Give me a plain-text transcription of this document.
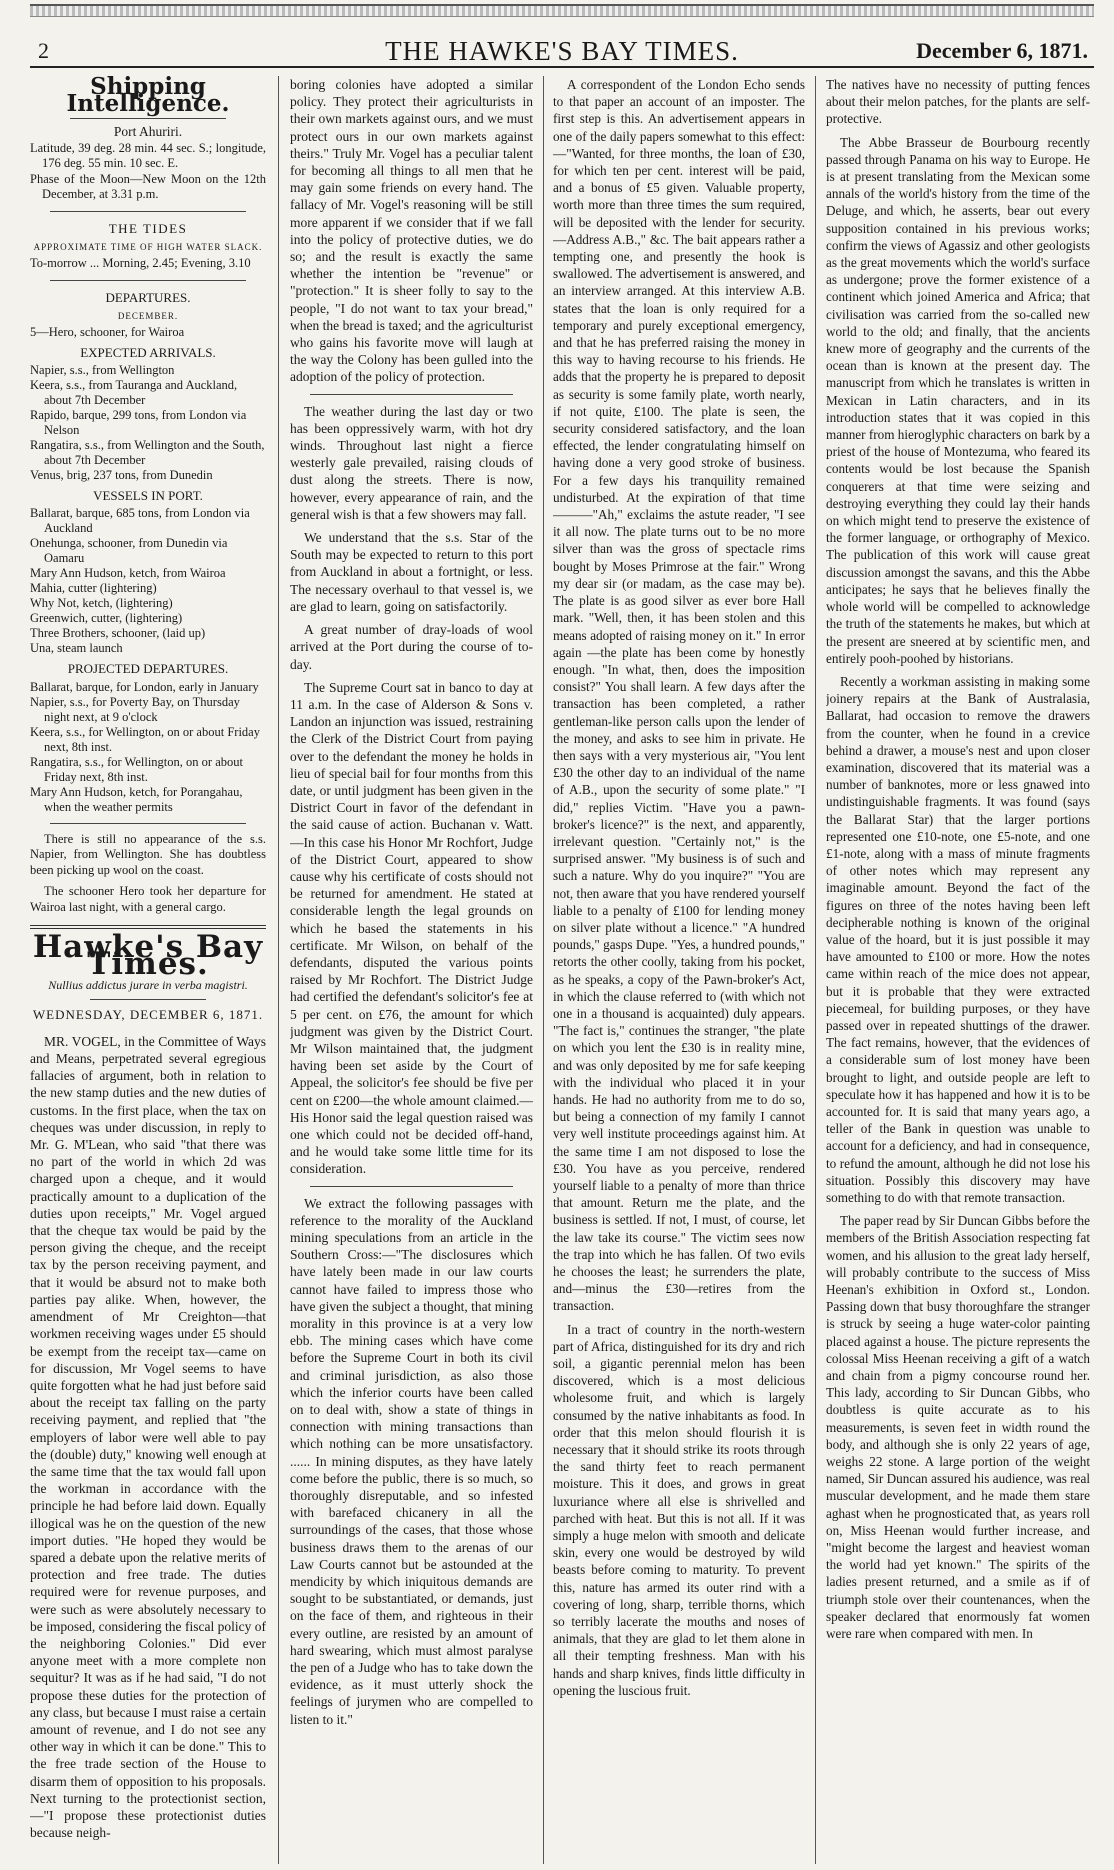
2	THE HAWKE'S BAY TIMES.	December 6, 1871.
Shipping Intelligence.
Port Ahuriri.
Latitude, 39 deg. 28 min. 44 sec. S.; longitude, 176 deg. 55 min. 10 sec. E.
Phase of the Moon—New Moon on the 12th December, at 3.31 p.m.
THE TIDES
APPROXIMATE TIME OF HIGH WATER SLACK.
To-morrow ... Morning, 2.45; Evening, 3.10
DEPARTURES.
DECEMBER.
5—Hero, schooner, for Wairoa
EXPECTED ARRIVALS.
Napier, s.s., from Wellington
Keera, s.s., from Tauranga and Auckland, about 7th December
Rapido, barque, 299 tons, from London via Nelson
Rangatira, s.s., from Wellington and the South, about 7th December
Venus, brig, 237 tons, from Dunedin
VESSELS IN PORT.
Ballarat, barque, 685 tons, from London via Auckland
Onehunga, schooner, from Dunedin via Oamaru
Mary Ann Hudson, ketch, from Wairoa
Mahia, cutter (lightering)
Why Not, ketch, (lightering)
Greenwich, cutter, (lightering)
Three Brothers, schooner, (laid up)
Una, steam launch
PROJECTED DEPARTURES.
Ballarat, barque, for London, early in January
Napier, s.s., for Poverty Bay, on Thursday night next, at 9 o'clock
Keera, s.s., for Wellington, on or about Friday next, 8th inst.
Rangatira, s.s., for Wellington, on or about Friday next, 8th inst.
Mary Ann Hudson, ketch, for Porangahau, when the weather permits

There is still no appearance of the s.s. Napier, from Wellington. She has doubtless been picking up wool on the coast.

The schooner Hero took her departure for Wairoa last night, with a general cargo.

Hawke's Bay Times.
Nullius addictus jurare in verba magistri.
WEDNESDAY, DECEMBER 6, 1871.

MR. VOGEL, in the Committee of Ways and Means, perpetrated several egregious fallacies of argument, both in relation to the new stamp duties and the new duties of customs. In the first place, when the tax on cheques was under discussion, in reply to Mr. G. M'Lean, who said "that there was no part of the world in which 2d was charged upon a cheque, and it would practically amount to a duplication of the duties upon receipts," Mr. Vogel argued that the cheque tax would be paid by the person giving the cheque, and the receipt tax by the person receiving payment, and that it would be absurd not to make both parties pay alike. When, however, the amendment of Mr Creighton—that workmen receiving wages under £5 should be exempt from the receipt tax—came on for discussion, Mr Vogel seems to have quite forgotten what he had just before said about the receipt tax falling on the party receiving payment, and replied that "the employers of labor were well able to pay the (double) duty," knowing well enough at the same time that the tax would fall upon the workman in accordance with the principle he had before laid down. Equally illogical was he on the question of the new import duties. "He hoped they would be spared a debate upon the relative merits of protection and free trade. The duties required were for revenue purposes, and were such as were absolutely necessary to be imposed, considering the fiscal policy of the neighboring Colonies." Did ever anyone meet with a more complete non sequitur? It was as if he had said, "I do not propose these duties for the protection of any class, but because I must raise a certain amount of revenue, and I do not see any other way in which it can be done." This to the free trade section of the House to disarm them of opposition to his proposals. Next turning to the protectionist section,—"I propose these protectionist duties because neigh-

boring colonies have adopted a similar policy. They protect their agriculturists in their own markets against ours, and we must protect ours in our own markets against theirs." Truly Mr. Vogel has a peculiar talent for becoming all things to all men that he may gain some friends on every hand. The fallacy of Mr. Vogel's reasoning will be still more apparent if we consider that if we fall into the policy of protective duties, we do so; and the result is exactly the same whether the intention be "revenue" or "protection." It is sheer folly to say to the people, "I do not want to tax your bread," when the bread is taxed; and the agriculturist who gains his favorite move will laugh at the way the Colony has been gulled into the adoption of the policy of protection.

The weather during the last day or two has been oppressively warm, with hot dry winds. Throughout last night a fierce westerly gale prevailed, raising clouds of dust along the streets. There is now, however, every appearance of rain, and the general wish is that a few showers may fall.

We understand that the s.s. Star of the South may be expected to return to this port from Auckland in about a fortnight, or less. The necessary overhaul to that vessel is, we are glad to learn, going on satisfactorily.

A great number of dray-loads of wool arrived at the Port during the course of to-day.

The Supreme Court sat in banco to day at 11 a.m. In the case of Alderson & Sons v. Landon an injunction was issued, restraining the Clerk of the District Court from paying over to the defendant the money he holds in lieu of special bail for four months from this date, or until judgment has been given in the District Court in favor of the defendant in the said cause of action. Buchanan v. Watt.—In this case his Honor Mr Rochfort, Judge of the District Court, appeared to show cause why his certificate of costs should not be returned for amendment. He stated at considerable length the legal grounds on which he based the statements in his certificate. Mr Wilson, on behalf of the defendants, disputed the various points raised by Mr Rochfort. The District Judge had certified the defendant's solicitor's fee at 5 per cent. on £76, the amount for which judgment was given by the District Court. Mr Wilson maintained that, the judgment having been set aside by the Court of Appeal, the solicitor's fee should be five per cent on £200—the whole amount claimed.—His Honor said the legal question raised was one which could not be decided off-hand, and he would take some little time for its consideration.

We extract the following passages with reference to the morality of the Auckland mining speculations from an article in the Southern Cross:—"The disclosures which have lately been made in our law courts cannot have failed to impress those who have given the subject a thought, that mining morality in this province is at a very low ebb. The mining cases which have come before the Supreme Court in both its civil and criminal jurisdiction, as also those which the inferior courts have been called on to deal with, show a state of things in connection with mining transactions than which nothing can be more unsatisfactory. ...... In mining disputes, as they have lately come before the public, there is so much, so thoroughly disreputable, and so infested with barefaced chicanery in all the surroundings of the cases, that those whose business draws them to the arenas of our Law Courts cannot but be astounded at the mendicity by which iniquitous demands are sought to be substantiated, or demands, just on the face of them, and righteous in their every outline, are resisted by an amount of hard swearing, which must almost paralyse the pen of a Judge who has to take down the evidence, as it must utterly shock the feelings of jurymen who are compelled to listen to it."

A correspondent of the London Echo sends to that paper an account of an imposter. The first step is this. An advertisement appears in one of the daily papers somewhat to this effect:—"Wanted, for three months, the loan of £30, for which ten per cent. interest will be paid, and a bonus of £5 given. Valuable property, worth more than three times the sum required, will be deposited with the lender for security. —Address A.B.," &c. The bait appears rather a tempting one, and presently the hook is swallowed. The advertisement is answered, and an interview arranged. At this interview A.B. states that the loan is only required for a temporary and purely exceptional emergency, and that he has preferred raising the money in this way to having recourse to his friends. He adds that the property he is prepared to deposit as security is some family plate, worth nearly, if not quite, £100. The plate is seen, the security considered satisfactory, and the loan effected, the lender congratulating himself on having done a very good stroke of business. For a few days his tranquility remained undisturbed. At the expiration of that time———"Ah," exclaims the astute reader, "I see it all now. The plate turns out to be no more silver than was the gross of spectacle rims bought by Moses Primrose at the fair." Wrong my dear sir (or madam, as the case may be). The plate is as good silver as ever bore Hall mark. "Well, then, it has been stolen and this means adopted of raising money on it." In error again —the plate has been come by honestly enough. "In what, then, does the imposition consist?" You shall learn. A few days after the transaction has been completed, a rather gentleman-like person calls upon the lender of the money, and asks to see him in private. He then says with a very mysterious air, "You lent £30 the other day to an individual of the name of A.B., upon the security of some plate." "I did," replies Victim. "Have you a pawn-broker's licence?" is the next, and apparently, irrelevant question. "Certainly not," is the surprised answer. "My business is of such and such a nature. Why do you inquire?" "You are not, then aware that you have rendered yourself liable to a penalty of £100 for lending money on silver plate without a licence." "A hundred pounds," gasps Dupe. "Yes, a hundred pounds," retorts the other coolly, taking from his pocket, as he speaks, a copy of the Pawn-broker's Act, in which the clause referred to (with which not one in a thousand is acquainted) duly appears. "The fact is," continues the stranger, "the plate on which you lent the £30 is in reality mine, and was only deposited by me for safe keeping with the individual who placed it in your hands. He had no authority from me to do so, but being a connection of my family I cannot very well institute proceedings against him. At the same time I am not disposed to lose the £30. You have as you perceive, rendered yourself liable to a penalty of more than thrice that amount. Return me the plate, and the business is settled. If not, I must, of course, let the law take its course." The victim sees now the trap into which he has fallen. Of two evils he chooses the least; he surrenders the plate, and—minus the £30—retires from the transaction.

In a tract of country in the north-western part of Africa, distinguished for its dry and rich soil, a gigantic perennial melon has been discovered, which is a most delicious wholesome fruit, and which is largely consumed by the native inhabitants as food. In order that this melon should flourish it is necessary that it should strike its roots through the sand thirty feet to reach permanent moisture. This it does, and grows in great luxuriance where all else is shrivelled and parched with heat. But this is not all. If it was simply a huge melon with smooth and delicate skin, every one would be destroyed by wild beasts before coming to maturity. To prevent this, nature has armed its outer rind with a covering of long, sharp, terrible thorns, which so terribly lacerate the mouths and noses of animals, that they are glad to let them alone in all their tempting freshness. Man with his hands and sharp knives, finds little difficulty in opening the luscious fruit.

The natives have no necessity of putting fences about their melon patches, for the plants are self-protective.

The Abbe Brasseur de Bourbourg recently passed through Panama on his way to Europe. He is at present translating from the Mexican some annals of the world's history from the time of the Deluge, and which, he asserts, bear out every supposition contained in his previous works; confirm the views of Agassiz and other geologists as the great movements which the world's surface as undergone; prove the former existence of a continent which joined America and Africa; that civilisation was carried from the so-called new world to the old; and finally, that the ancients knew more of geography and the currents of the ocean than is known at the present day. The manuscript from which he translates is written in Mexican in Latin characters, and in its introduction states that it was copied in this manner from hieroglyphic characters on bark by a priest of the house of Montezuma, who feared its contents would be lost because the Spanish conquerers at that time were seizing and destroying everything they could lay their hands on which might tend to preserve the existence of the former language, or orthography of Mexico. The publication of this work will cause great discussion amongst the savans, and this the Abbe anticipates; he says that he believes finally the whole world will be compelled to acknowledge the truth of the statements he makes, but which at the present are sneered at by scientific men, and entirely pooh-poohed by historians.

Recently a workman assisting in making some joinery repairs at the Bank of Australasia, Ballarat, had occasion to remove the drawers from the counter, when he found in a crevice behind a drawer, a mouse's nest and upon closer examination, discovered that its material was a number of banknotes, more or less gnawed into undistinguishable fragments. It was found (says the Ballarat Star) that the larger portions represented one £10-note, one £5-note, and one £1-note, along with a mass of minute fragments of other notes which may represent any imaginable amount. Beyond the fact of the figures on three of the notes having been left decipherable nothing is known of the original value of the hoard, but it is just possible it may have amounted to £100 or more. How the notes came within reach of the mice does not appear, but it is probable that they were extracted piecemeal, for building purposes, or they have passed over in repeated shuttings of the drawer. The fact remains, however, that the evidences of a considerable sum of lost money have been brought to light, and outside people are left to speculate how it has happened and how it is to be accounted for. It is said that many years ago, a teller of the Bank in question was unable to account for a deficiency, and had in consequence, to refund the amount, although he did not lose his situation. Possibly this discovery may have something to do with that remote transaction.

The paper read by Sir Duncan Gibbs before the members of the British Association respecting fat women, and his allusion to the great lady herself, will probably contribute to the success of Miss Heenan's exhibition in Oxford st., London. Passing down that busy thoroughfare the stranger is struck by seeing a huge water-color painting placed against a house. The picture represents the colossal Miss Heenan receiving a gift of a watch and chain from a pigmy concourse round her. This lady, according to Sir Duncan Gibbs, who doubtless is quite accurate as to his measurements, is seven feet in width round the body, and although she is only 22 years of age, weighs 22 stone. A large portion of the weight named, Sir Duncan assured his audience, was real muscular development, and he made them stare aghast when he prognosticated that, as years roll on, Miss Heenan would further increase, and "might become the largest and heaviest woman the world had yet known." The spirits of the ladies present returned, and a smile as if of triumph stole over their countenances, when the speaker declared that enormously fat women were rare when compared with men. In
